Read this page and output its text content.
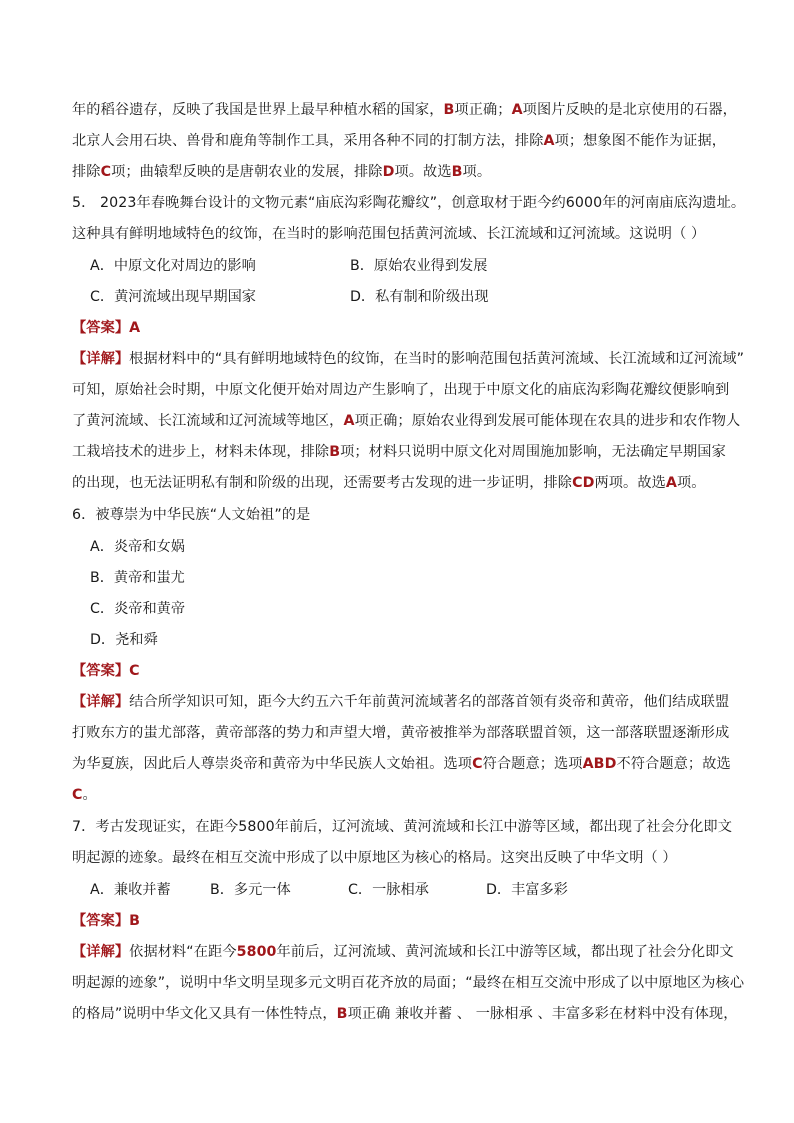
年的稻谷遗存，反映了我国是世界上最早种植水稻的国家，B项正确；A项图片反映的是北京使用的石器，
北京人会用石块、兽骨和鹿角等制作工具，采用各种不同的打制方法，排除A项；想象图不能作为证据，
排除C项；曲辕犁反映的是唐朝农业的发展，排除D项。故选B项。
5． 2023年春晚舞台设计的文物元素“庙底沟彩陶花瓣纹”，创意取材于距今约6000年的河南庙底沟遗址。
这种具有鲜明地域特色的纹饰，在当时的影响范围包括黄河流域、长江流域和辽河流域。这说明（ ）
A．中原文化对周边的影响	B．原始农业得到发展
C．黄河流域出现早期国家	D．私有制和阶级出现
【答案】A
【详解】根据材料中的“具有鲜明地域特色的纹饰，在当时的影响范围包括黄河流域、长江流域和辽河流域”
可知，原始社会时期，中原文化便开始对周边产生影响了，出现于中原文化的庙底沟彩陶花瓣纹便影响到
了黄河流域、长江流域和辽河流域等地区，A项正确；原始农业得到发展可能体现在农具的进步和农作物人
工栽培技术的进步上，材料未体现，排除B项；材料只说明中原文化对周围施加影响，无法确定早期国家
的出现，也无法证明私有制和阶级的出现，还需要考古发现的进一步证明，排除CD两项。故选A项。
6．被尊崇为中华民族“人文始祖”的是
A．炎帝和女娲
B．黄帝和蚩尤
C．炎帝和黄帝
D．尧和舜
【答案】C
【详解】结合所学知识可知，距今大约五六千年前黄河流域著名的部落首领有炎帝和黄帝，他们结成联盟
打败东方的蚩尤部落，黄帝部落的势力和声望大增，黄帝被推举为部落联盟首领，这一部落联盟逐渐形成
为华夏族，因此后人尊崇炎帝和黄帝为中华民族人文始祖。选项C符合题意；选项ABD不符合题意；故选
C。
7．考古发现证实，在距今5800年前后，辽河流域、黄河流域和长江中游等区域，都出现了社会分化即文
明起源的迹象。最终在相互交流中形成了以中原地区为核心的格局。这突出反映了中华文明（ ）
A．兼收并蓄	B．多元一体	C．一脉相承	D．丰富多彩
【答案】B
【详解】依据材料“在距今5800年前后，辽河流域、黄河流域和长江中游等区域，都出现了社会分化即文
明起源的迹象”，说明中华文明呈现多元文明百花齐放的局面；“最终在相互交流中形成了以中原地区为核心
的格局”说明中华文化又具有一体性特点，B项正确 兼收并蓄 、 一脉相承 、丰富多彩在材料中没有体现，
